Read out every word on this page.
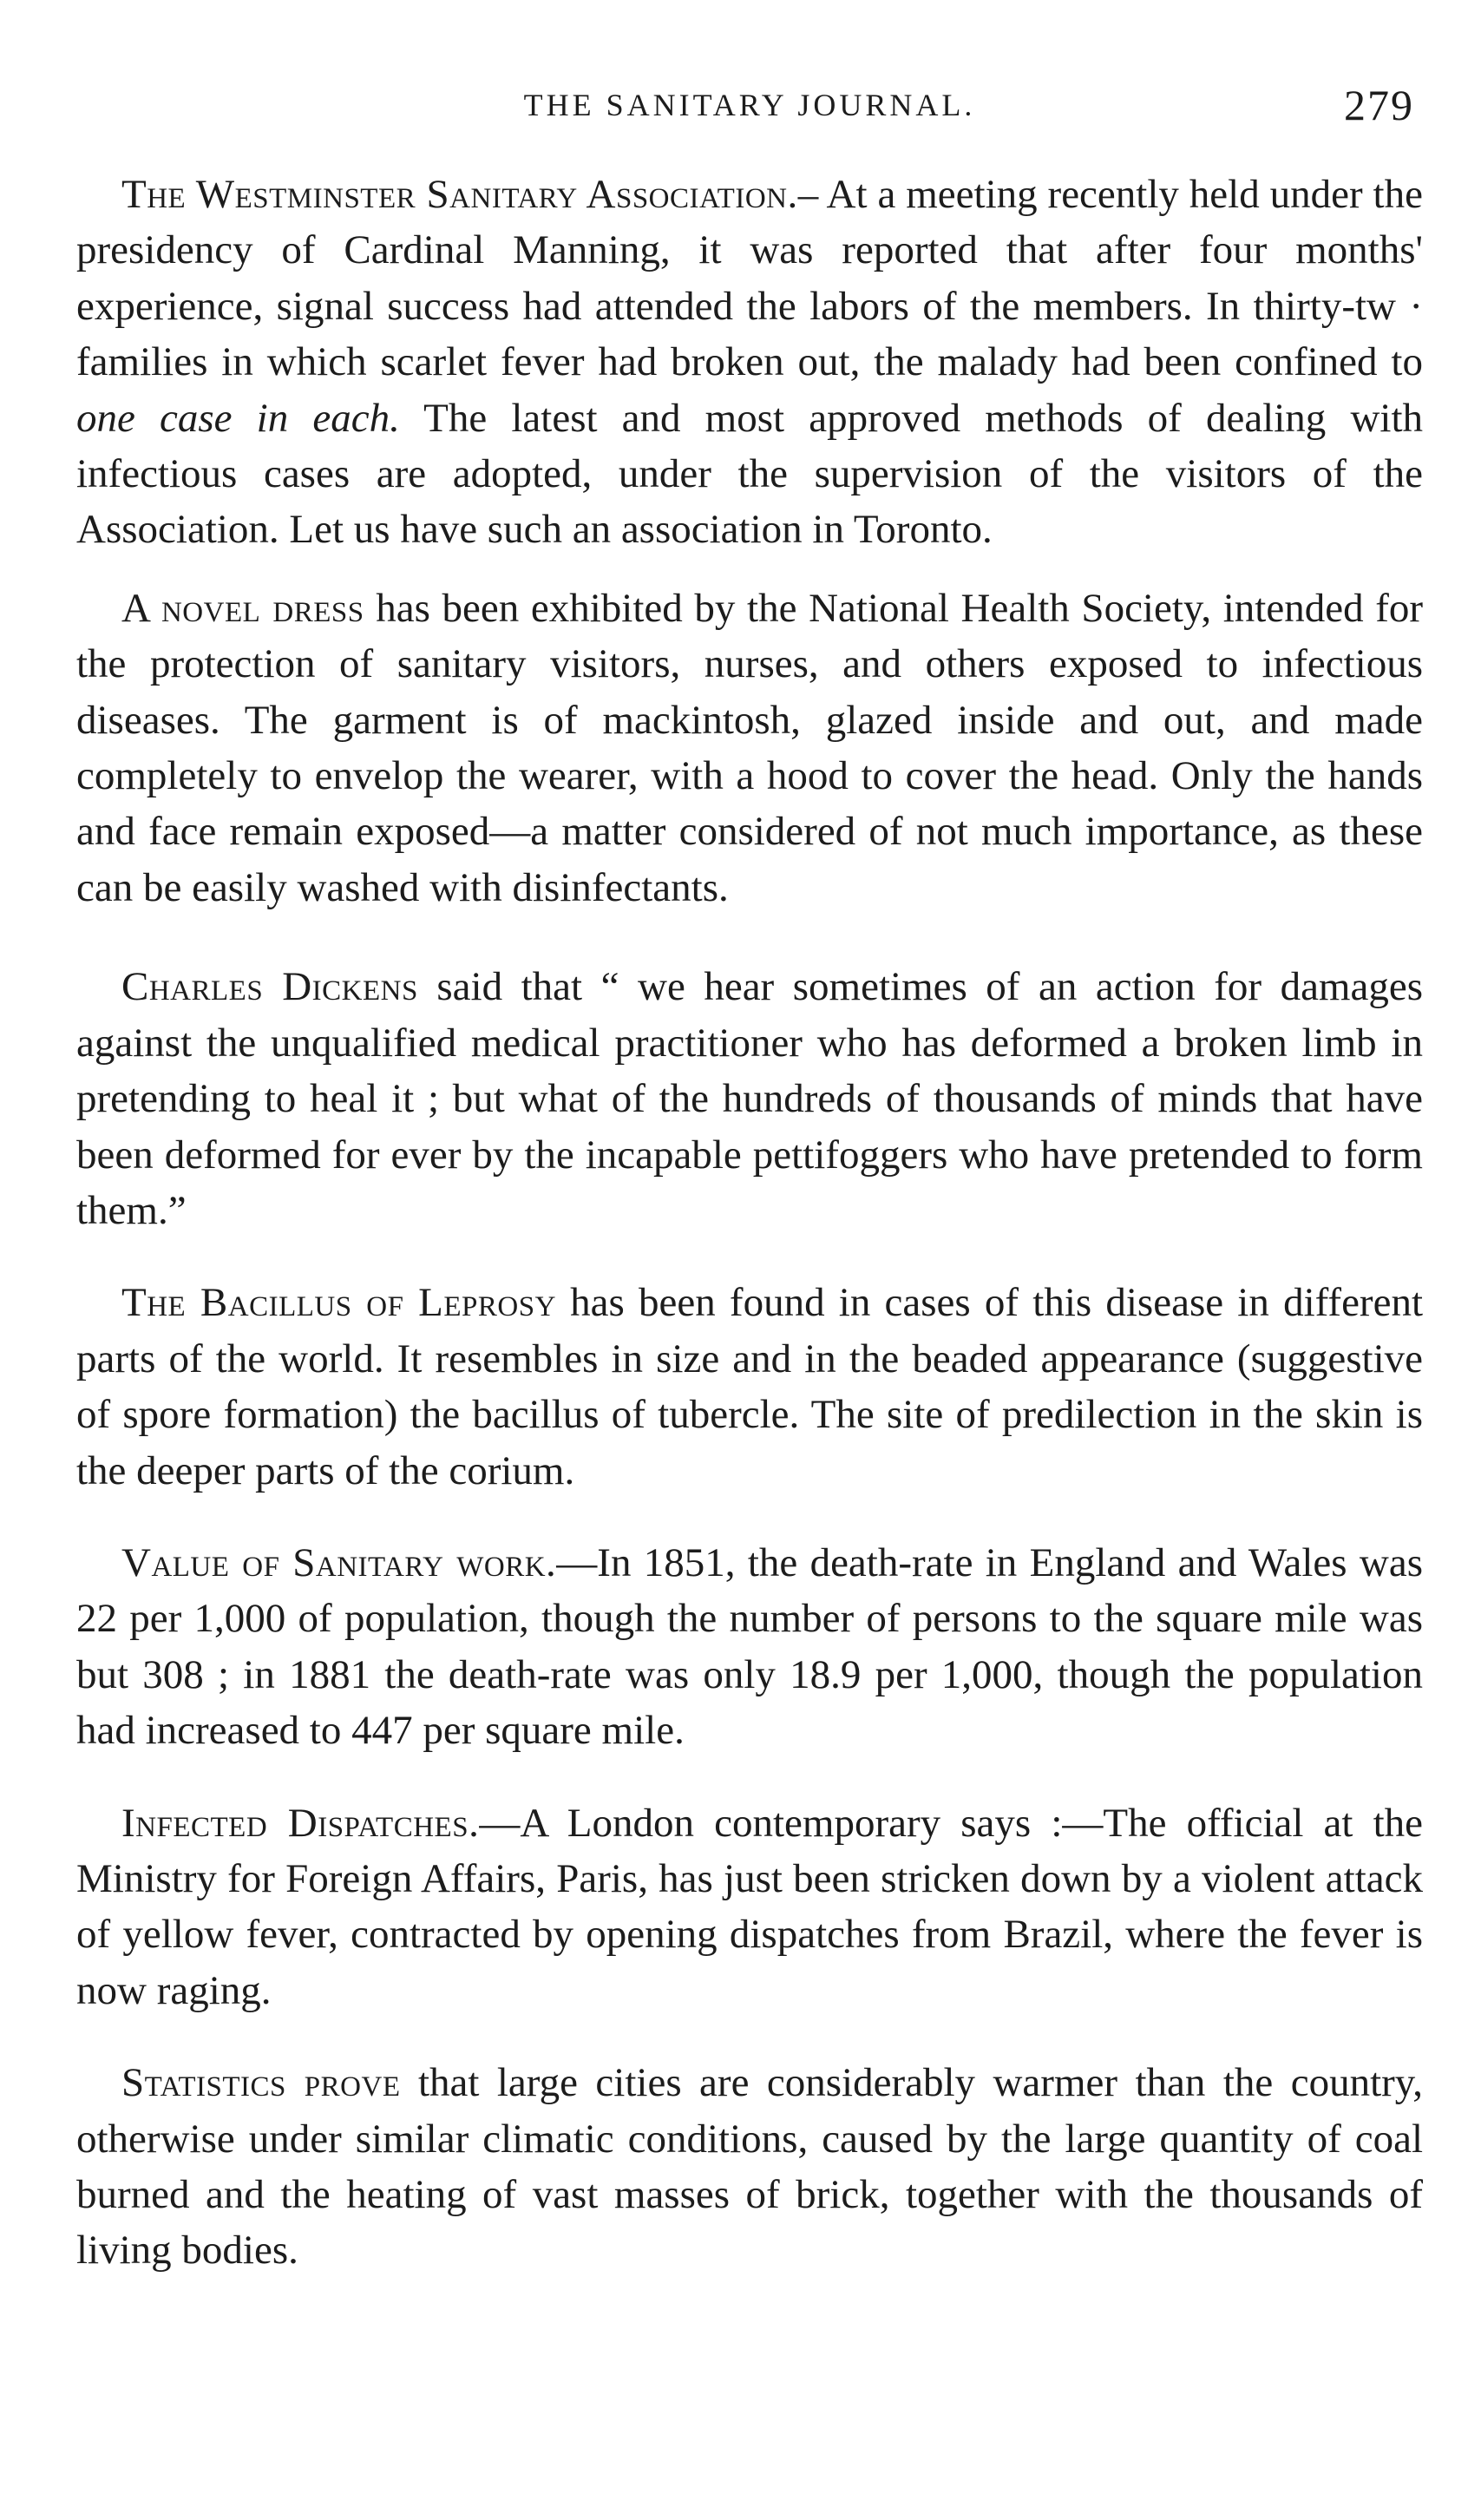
THE SANITARY JOURNAL.	279

The Westminster Sanitary Association.– At a meeting recently held under the presidency of Cardinal Manning, it was reported that after four months' experience, signal success had attended the labors of the members. In thirty-tw · families in which scarlet fever had broken out, the malady had been confined to one case in each. The latest and most approved methods of dealing with infectious cases are adopted, under the supervision of the visitors of the Association. Let us have such an association in Toronto.

A novel dress has been exhibited by the National Health Society, intended for the protection of sanitary visitors, nurses, and others exposed to infectious diseases. The garment is of mackintosh, glazed inside and out, and made completely to envelop the wearer, with a hood to cover the head. Only the hands and face remain exposed—a matter considered of not much importance, as these can be easily washed with disinfectants.

Charles Dickens said that “ we hear sometimes of an action for damages against the unqualified medical practitioner who has deformed a broken limb in pretending to heal it ; but what of the hundreds of thousands of minds that have been deformed for ever by the incapable pettifoggers who have pretended to form them.”

The Bacillus of Leprosy has been found in cases of this disease in different parts of the world. It resembles in size and in the beaded appearance (suggestive of spore formation) the bacillus of tubercle. The site of predilection in the skin is the deeper parts of the corium.

Value of Sanitary work.—In 1851, the death-rate in England and Wales was 22 per 1,000 of population, though the number of persons to the square mile was but 308 ; in 1881 the death-rate was only 18.9 per 1,000, though the population had increased to 447 per square mile.

Infected Dispatches.—A London contemporary says :—The official at the Ministry for Foreign Affairs, Paris, has just been stricken down by a violent attack of yellow fever, contracted by opening dispatches from Brazil, where the fever is now raging.

Statistics prove that large cities are considerably warmer than the country, otherwise under similar climatic conditions, caused by the large quantity of coal burned and the heating of vast masses of brick, together with the thousands of living bodies.
